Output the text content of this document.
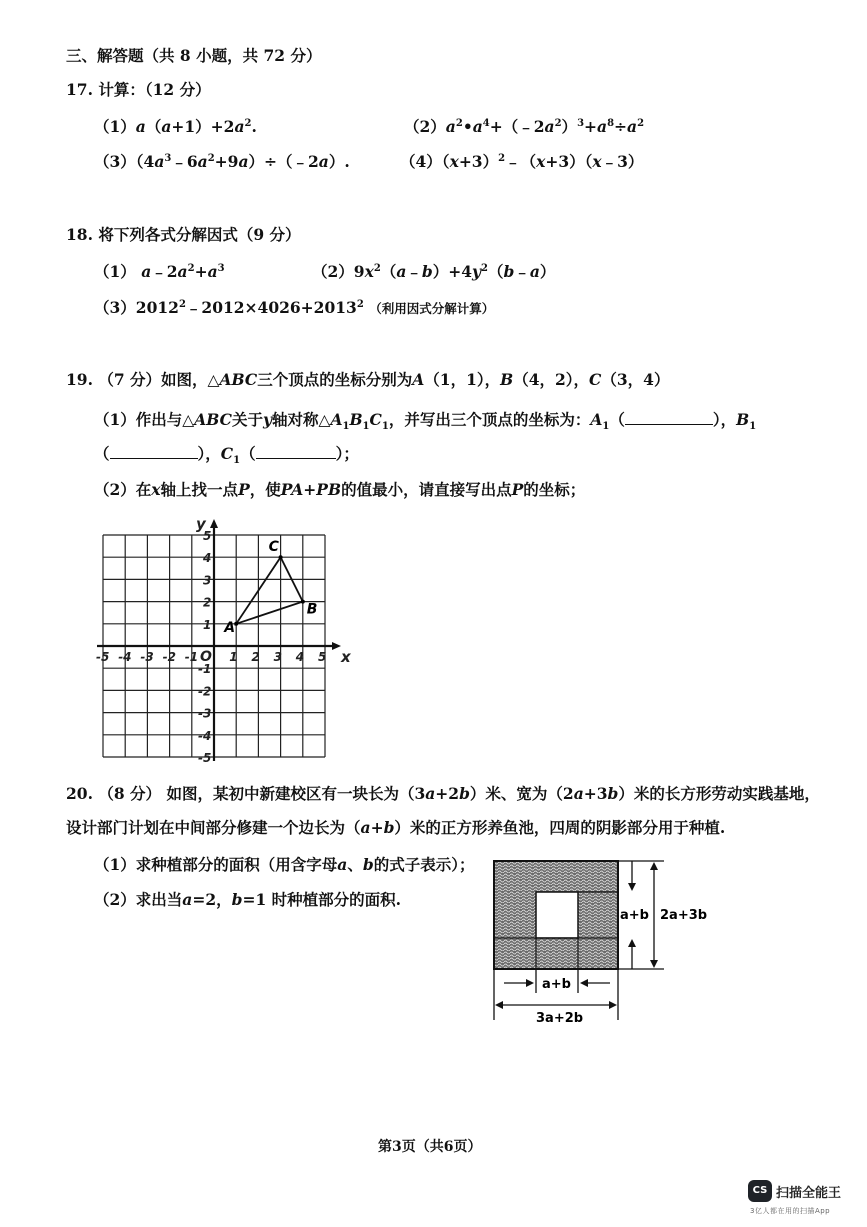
三、解答题（共 8 小题，共 72 分）
17. 计算：（12 分）
$(1)a(a+1)+2a^2$.	$(2)a^2•a^4+(﹣2a^2)^3+a^8\div a^2$
$(3)(4a^3﹣6a^2+9a)\div(﹣2a)$.	$(4)(x+3)^2﹣(x+3)(x﹣3)$
18. 将下列各式分解因式（9 分）
（1） $a﹣2a^2+a^3$	$(2)9x^2(a﹣b)+4y^2(b﹣a)$
$(3)2012^2﹣2012\times 4026+2013^2$ （利用因式分解计算）
19. （7 分）如图，△ABC三个顶点的坐标分别为A（1，1），B（4，2），C（3，4）
（1）作出与△ABC关于y轴对称$\triangle A_1B_1C_1$，并写出三个顶点的坐标为：$A_1$（	），$B_1$
（	），$C_1$（	）；
（2）在x轴上找一点P，使PA+PB的值最小，请直接写出点P的坐标；
-5 -4 -3 -2 -1	1 2 3 4 5
5
4
3
2
1
-1
-2
-3
-4
-5
O	x
y
A
B
C
20. （8 分） 如图，某初中新建校区有一块长为（3a+2b）米、宽为（2a+3b）米的长方形劳动实践基地，
设计部门计划在中间部分修建一个边长为（a+b）米的正方形养鱼池，四周的阴影部分用于种植.
（1）求种植部分的面积（用含字母a、b的式子表示）；
（2）求出当a=2，b=1 时种植部分的面积.
2a+3b
a+b
a+b
3a+2b
第3页（共6页）
CS 扫描全能王
3亿人都在用的扫描App
